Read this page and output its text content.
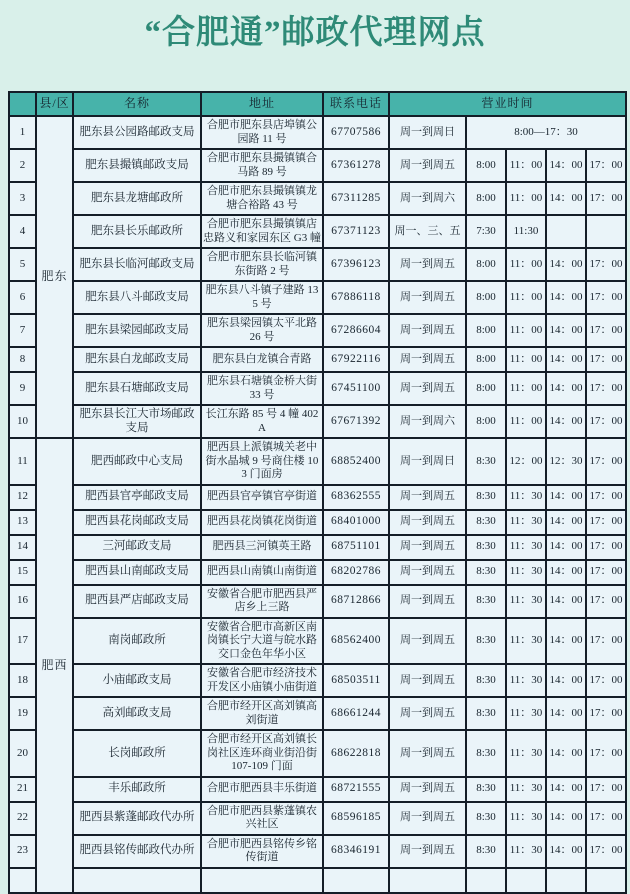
“合肥通”邮政代理网点
	县/区	名称	地址	联系电话	营业时间				
1	肥东	肥东县公园路邮政支局	合肥市肥东县店埠镇公园路 11 号	67707586	周一到周日	8:00—17：30			
2		肥东县撮镇邮政支局	合肥市肥东县撮镇镇合马路 89 号	67361278	周一到周五	8:00	11：00	14：00	17：00
3		肥东县龙塘邮政所	合肥市肥东县撮镇镇龙塘合裕路 43 号	67311285	周一到周六	8:00	11：00	14：00	17：00
4		肥东县长乐邮政所	合肥市肥东县撮镇镇店忠路义和家园东区 G3 幢	67371123	周一、三、五	7:30	11:30		
5		肥东县长临河邮政支局	合肥市肥东县长临河镇东街路 2 号	67396123	周一到周五	8:00	11：00	14：00	17：00
6		肥东县八斗邮政支局	肥东县八斗镇子建路 135 号	67886118	周一到周五	8:00	11：00	14：00	17：00
7		肥东县梁园邮政支局	肥东县梁园镇太平北路 26 号	67286604	周一到周五	8:00	11：00	14：00	17：00
8		肥东县白龙邮政支局	肥东县白龙镇合青路	67922116	周一到周五	8:00	11：00	14：00	17：00
9		肥东县石塘邮政支局	肥东县石塘镇金桥大街 33 号	67451100	周一到周五	8:00	11：00	14：00	17：00
10		肥东县长江大市场邮政支局	长江东路 85 号 4 幢 402A	67671392	周一到周六	8:00	11：00	14：00	17：00
11	肥西	肥西邮政中心支局	肥西县上派镇城关老中街水晶城 9 号商住楼 103 门面房	68852400	周一到周日	8:30	12：00	12：30	17：00
12		肥西县官亭邮政支局	肥西县官亭镇官亭街道	68362555	周一到周五	8:30	11：30	14：00	17：00
13		肥西县花岗邮政支局	肥西县花岗镇花岗街道	68401000	周一到周五	8:30	11：30	14：00	17：00
14		三河邮政支局	肥西县三河镇英王路	68751101	周一到周五	8:30	11：30	14：00	17：00
15		肥西县山南邮政支局	肥西县山南镇山南街道	68202786	周一到周五	8:30	11：30	14：00	17：00
16		肥西县严店邮政支局	安徽省合肥市肥西县严店乡上三路	68712866	周一到周五	8:30	11：30	14：00	17：00
17		南岗邮政所	安徽省合肥市高新区南岗镇长宁大道与皖水路交口金色年华小区	68562400	周一到周五	8:30	11：30	14：00	17：00
18		小庙邮政支局	安徽省合肥市经济技术开发区小庙镇小庙街道	68503511	周一到周五	8:30	11：30	14：00	17：00
19		高刘邮政支局	合肥市经开区高刘镇高刘街道	68661244	周一到周五	8:30	11：30	14：00	17：00
20		长岗邮政所	合肥市经开区高刘镇长岗社区连环商业街沿街 107-109 门面	68622818	周一到周五	8:30	11：30	14：00	17：00
21		丰乐邮政所	合肥市肥西县丰乐街道	68721555	周一到周五	8:30	11：30	14：00	17：00
22		肥西县紫蓬邮政代办所	合肥市肥西县紫蓬镇农兴社区	68596185	周一到周五	8:30	11：30	14：00	17：00
23		肥西县铭传邮政代办所	合肥市肥西县铭传乡铭传街道	68346191	周一到周五	8:30	11：30	14：00	17：00
